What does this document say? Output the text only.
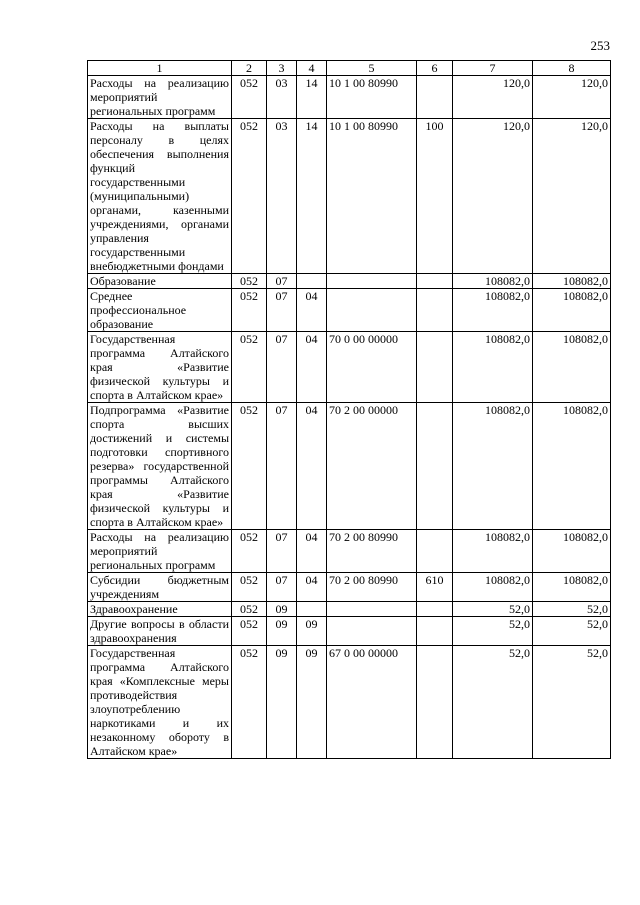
253
1	2	3	4	5	6	7	8
Расходы на реализацию мероприятий региональных программ	052	03	14	10 1 00 80990		120,0	120,0
Расходы на выплаты персоналу в целях обеспечения выполнения функций государственными (муниципальными) органами, казенными учреждениями, органами управления государственными внебюджетными фондами	052	03	14	10 1 00 80990	100	120,0	120,0
Образование	052	07				108082,0	108082,0
Среднее профессиональное образование	052	07	04			108082,0	108082,0
Государственная программа Алтайского края «Развитие физической культуры и спорта в Алтайском крае»	052	07	04	70 0 00 00000		108082,0	108082,0
Подпрограмма «Развитие спорта высших достижений и системы подготовки спортивного резерва» государственной программы Алтайского края «Развитие физической культуры и спорта в Алтайском крае»	052	07	04	70 2 00 00000		108082,0	108082,0
Расходы на реализацию мероприятий региональных программ	052	07	04	70 2 00 80990		108082,0	108082,0
Субсидии бюджетным учреждениям	052	07	04	70 2 00 80990	610	108082,0	108082,0
Здравоохранение	052	09				52,0	52,0
Другие вопросы в области здравоохранения	052	09	09			52,0	52,0
Государственная программа Алтайского края «Комплексные меры противодействия злоупотреблению наркотиками и их незаконному обороту в Алтайском крае»	052	09	09	67 0 00 00000		52,0	52,0
